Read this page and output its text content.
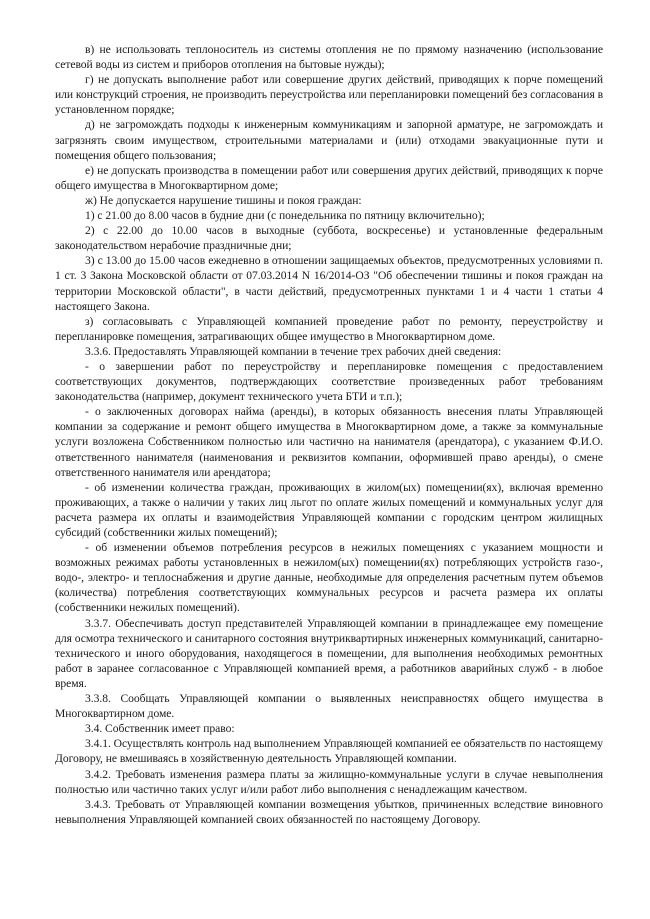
в) не использовать теплоноситель из системы отопления не по прямому назначению (использование сетевой воды из систем и приборов отопления на бытовые нужды);

г) не допускать выполнение работ или совершение других действий, приводящих к порче помещений или конструкций строения, не производить переустройства или перепланировки помещений без согласования в установленном порядке;

д) не загромождать подходы к инженерным коммуникациям и запорной арматуре, не загромождать и загрязнять своим имуществом, строительными материалами и (или) отходами эвакуационные пути и помещения общего пользования;

е) не допускать производства в помещении работ или совершения других действий, приводящих к порче общего имущества в Многоквартирном доме;

ж) Не допускается нарушение тишины и покоя граждан:

1) с 21.00 до 8.00 часов в будние дни (с понедельника по пятницу включительно);

2) с 22.00 до 10.00 часов в выходные (суббота, воскресенье) и установленные федеральным законодательством нерабочие праздничные дни;

3) с 13.00 до 15.00 часов ежедневно в отношении защищаемых объектов, предусмотренных условиями п. 1 ст. 3 Закона Московской области от 07.03.2014 N 16/2014-ОЗ "Об обеспечении тишины и покоя граждан на территории Московской области", в части действий, предусмотренных пунктами 1 и 4 части 1 статьи 4 настоящего Закона.

з) согласовывать с Управляющей компанией проведение работ по ремонту, переустройству и перепланировке помещения, затрагивающих общее имущество в Многоквартирном доме.

3.3.6. Предоставлять Управляющей компании в течение трех рабочих дней сведения:

- о завершении работ по переустройству и перепланировке помещения с предоставлением соответствующих документов, подтверждающих соответствие произведенных работ требованиям законодательства (например, документ технического учета БТИ и т.п.);

- о заключенных договорах найма (аренды), в которых обязанность внесения платы Управляющей компании за содержание и ремонт общего имущества в Многоквартирном доме, а также за коммунальные услуги возложена Собственником полностью или частично на нанимателя (арендатора), с указанием Ф.И.О. ответственного нанимателя (наименования и реквизитов компании, оформившей право аренды), о смене ответственного нанимателя или арендатора;

- об изменении количества граждан, проживающих в жилом(ых) помещении(ях), включая временно проживающих, а также о наличии у таких лиц льгот по оплате жилых помещений и коммунальных услуг для расчета размера их оплаты и взаимодействия Управляющей компании с городским центром жилищных субсидий (собственники жилых помещений);

- об изменении объемов потребления ресурсов в нежилых помещениях с указанием мощности и возможных режимах работы установленных в нежилом(ых) помещении(ях) потребляющих устройств газо-, водо-, электро- и теплоснабжения и другие данные, необходимые для определения расчетным путем объемов (количества) потребления соответствующих коммунальных ресурсов и расчета размера их оплаты (собственники нежилых помещений).

3.3.7. Обеспечивать доступ представителей Управляющей компании в принадлежащее ему помещение для осмотра технического и санитарного состояния внутриквартирных инженерных коммуникаций, санитарно-технического и иного оборудования, находящегося в помещении, для выполнения необходимых ремонтных работ в заранее согласованное с Управляющей компанией время, а работников аварийных служб - в любое время.

3.3.8. Сообщать Управляющей компании о выявленных неисправностях общего имущества в Многоквартирном доме.

3.4. Собственник имеет право:

3.4.1. Осуществлять контроль над выполнением Управляющей компанией ее обязательств по настоящему Договору, не вмешиваясь в хозяйственную деятельность Управляющей компании.

3.4.2. Требовать изменения размера платы за жилищно-коммунальные услуги в случае невыполнения полностью или частично таких услуг и/или работ либо выполнения с ненадлежащим качеством.

3.4.3. Требовать от Управляющей компании возмещения убытков, причиненных вследствие виновного невыполнения Управляющей компанией своих обязанностей по настоящему Договору.
